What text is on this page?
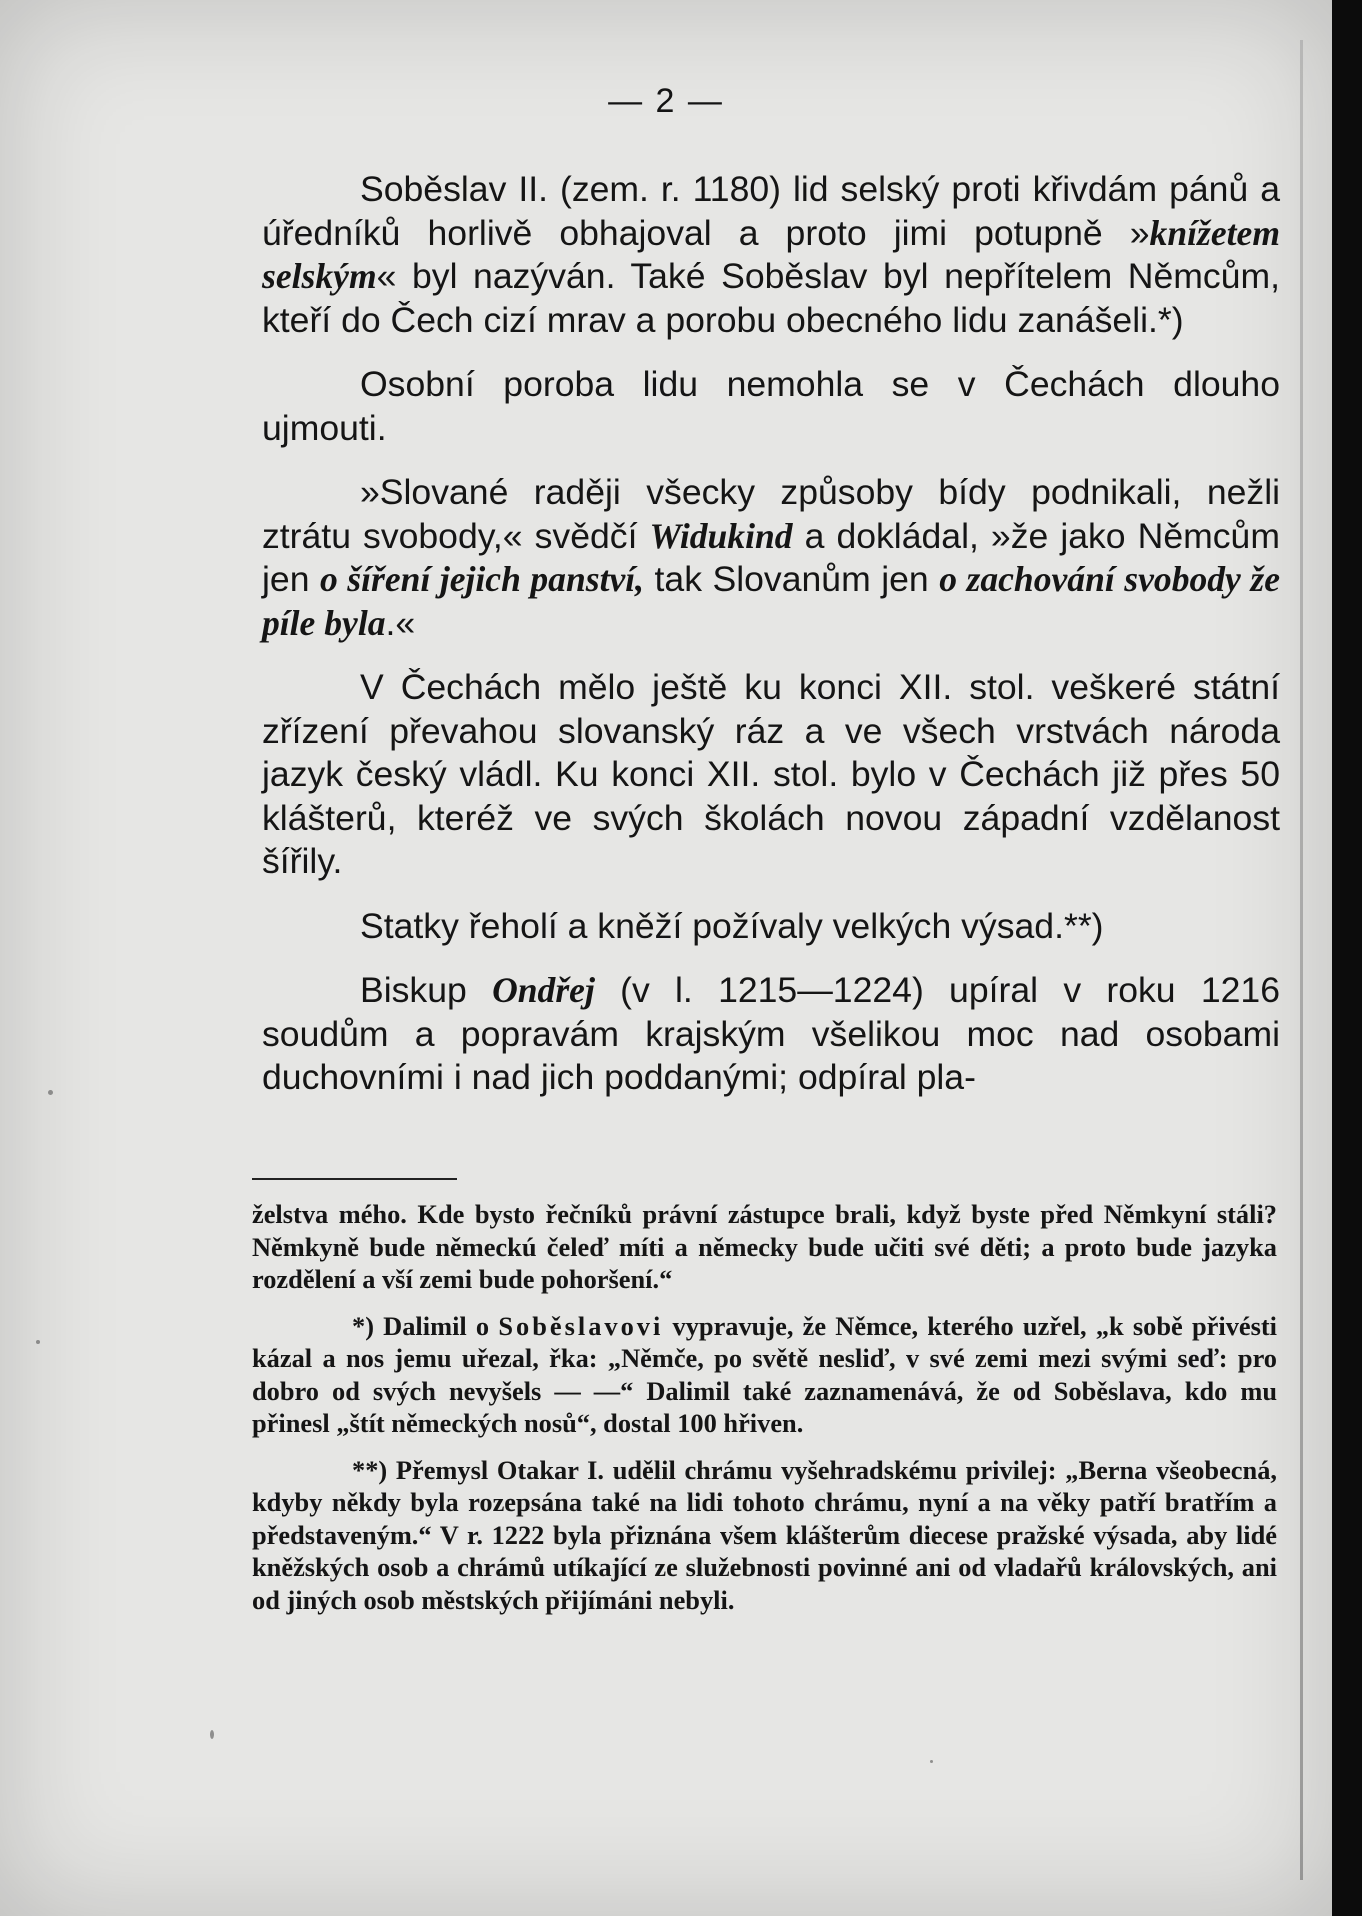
— 2 —

Soběslav II. (zem. r. 1180) lid selský proti křivdám pánů a úředníků horlivě obhajoval a proto jimi potupně »knížetem selským« byl nazýván. Také Soběslav byl nepřítelem Němcům, kteří do Čech cizí mrav a porobu obecného lidu zanášeli.*)

Osobní poroba lidu nemohla se v Čechách dlouho ujmouti.

»Slované raději všecky způsoby bídy podnikali, nežli ztrátu svobody,« svědčí Widukind a dokládal, »že jako Němcům jen o šíření jejich panství, tak Slovanům jen o zachování svobody že píle byla.«

V Čechách mělo ještě ku konci XII. stol. veškeré státní zřízení převahou slovanský ráz a ve všech vrstvách národa jazyk český vládl. Ku konci XII. stol. bylo v Čechách již přes 50 klášterů, kteréž ve svých školách novou západní vzdělanost šířily.

Statky řeholí a kněží požívaly velkých výsad.**)

Biskup Ondřej (v l. 1215—1224) upíral v roku 1216 soudům a popravám krajským všelikou moc nad osobami duchovními i nad jich poddanými; odpíral pla-

želstva mého. Kde bysto řečníků právní zástupce brali, když byste před Němkyní stáli? Němkyně bude německú čeleď míti a německy bude učiti své děti; a proto bude jazyka rozdělení a vší zemi bude pohoršení.“

*) Dalimil o Soběslavovi vypravuje, že Němce, kterého uzřel, „k sobě přivésti kázal a nos jemu uřezal, řka: „Němče, po světě nesliď, v své zemi mezi svými seď: pro dobro od svých nevyšels — —“ Dalimil také zaznamenává, že od Soběslava, kdo mu přinesl „štít německých nosů“, dostal 100 hřiven.

**) Přemysl Otakar I. udělil chrámu vyšehradskému privilej: „Berna všeobecná, kdyby někdy byla rozepsána také na lidi tohoto chrámu, nyní a na věky patří bratřím a představeným.“ V r. 1222 byla přiznána všem klášterům diecese pražské výsada, aby lidé kněžských osob a chrámů utíkající ze služebnosti povinné ani od vladařů královských, ani od jiných osob městských přijímáni nebyli.
